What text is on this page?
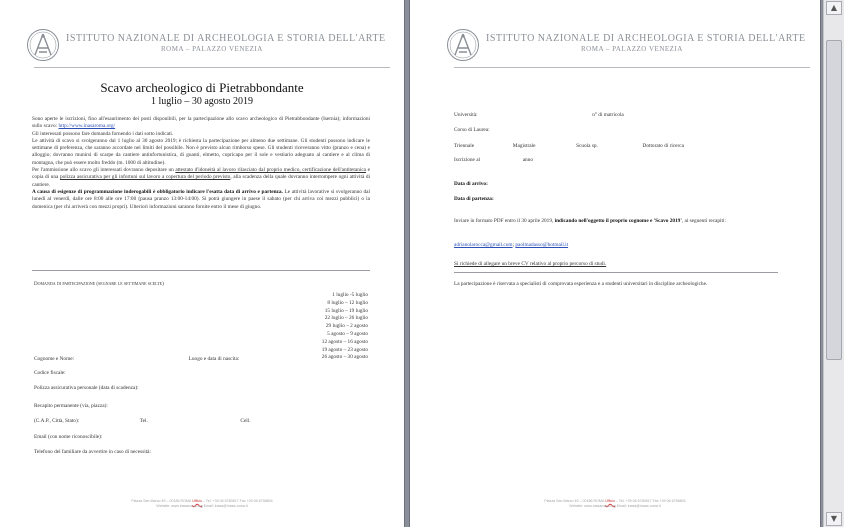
ISTITUTO NAZIONALE DI ARCHEOLOGIA E STORIA DELL'ARTE
ROMA – PALAZZO VENEZIA
Scavo archeologico di Pietrabbondante
1 luglio – 30 agosto 2019

Sono aperte le iscrizioni, fino all'esaurimento dei posti disponibili, per la partecipazione allo scavo archeologico di Pietrabbondante (Isernia); informazioni sullo scavo: http://www.inasaroma.org/

Gli interessati possono fare domanda fornendo i dati sotto indicati.

Le attività di scavo si svolgeranno dal 1 luglio al 30 agosto 2019; è richiesta la partecipazione per almeno due settimane. Gli studenti possono indicare le settimane di preferenza, che saranno accordate nei limiti del possibile. Non è previsto alcun rimborso spese. Gli studenti riceveranno vitto (pranzo e cena) e alloggio; dovranno munirsi di scarpe da cantiere antinfortunistica, di guanti, elmetto, copricapo per il sole e vestiario adeguato al cantiere e al clima di montagna, che può essere molto freddo (m. 1000 di altitudine).

Per l'ammissione allo scavo gli interessati dovranno depositare un attestato d'idoneità al lavoro rilasciato dal proprio medico, certificazione dell'antitetanica e copia di una polizza assicurativa per gli infortuni sul lavoro a copertura del periodo previsto, alla scadenza della quale dovranno interrompere ogni attività di cantiere.

A causa di esigenze di programmazione inderogabili è obbligatorio indicare l'esatta data di arrivo e partenza. Le attività lavorative si svolgeranno dal lunedì al venerdì, dalle ore 8:00 alle ore 17:00 (pausa pranzo 13:00-14:00). Si potrà giungere in paese il sabato (per chi arriva coi mezzi pubblici) o la domenica (per chi arriverà con mezzi propri). Ulteriori informazioni saranno fornite entro il mese di giugno.

Domanda di partecipazione (segnare le settimane scelte)
1 luglio -5 luglio
8 luglio – 12 luglio
15 luglio – 19 luglio
22 luglio – 26 luglio
29 luglio – 2 agosto
5 agosto – 9 agosto
12 agosto – 16 agosto
19 agosto – 23 agosto
26 agosto – 30 agosto
Cognome e Nome:	Luogo e data di nascita:
Codice fiscale:
Polizza assicurativa personale (data di scadenza):
Recapito permanente (via, piazza):
(C.A.P., Città, Stato):	Tel.	Cell.
Email (con nome riconoscibile):
Telefono del familiare da avvertire in caso di necessità:
Piazza San Marco 49 – 00186 ROMA Ufficio – Tel. +39 06 6780817 Fax +39 06 6798804
Website: www.inasaroma.org Email: inasa@inasa-roma.it
ISTITUTO NAZIONALE DI ARCHEOLOGIA E STORIA DELL'ARTE
ROMA – PALAZZO VENEZIA
Università:	n° di matricola
Corso di Laurea:
Triennale	Magistrale	Scuola sp.	Dottorato di ricerca
Iscrizione al	anno
Data di arrivo:
Data di partenza:
Inviare in formato PDF entro il 30 aprile 2019, indicando nell'oggetto il proprio cognome e 'Scavo 2019', ai seguenti recapiti:
adrianolarocca@gmail.com; paolmadasso@hotmail.it
Si richiede di allegare un breve CV relativo al proprio percorso di studi.
La partecipazione è riservata a specialisti di comprovata esperienza e a studenti universitari in discipline archeologiche.
Piazza San Marco 49 – 00186 ROMA Ufficio – Tel. +39 06 6780817 Fax +39 06 6798804
Website: www.inasaroma.org Email: inasa@inasa-roma.it
▲
▼
